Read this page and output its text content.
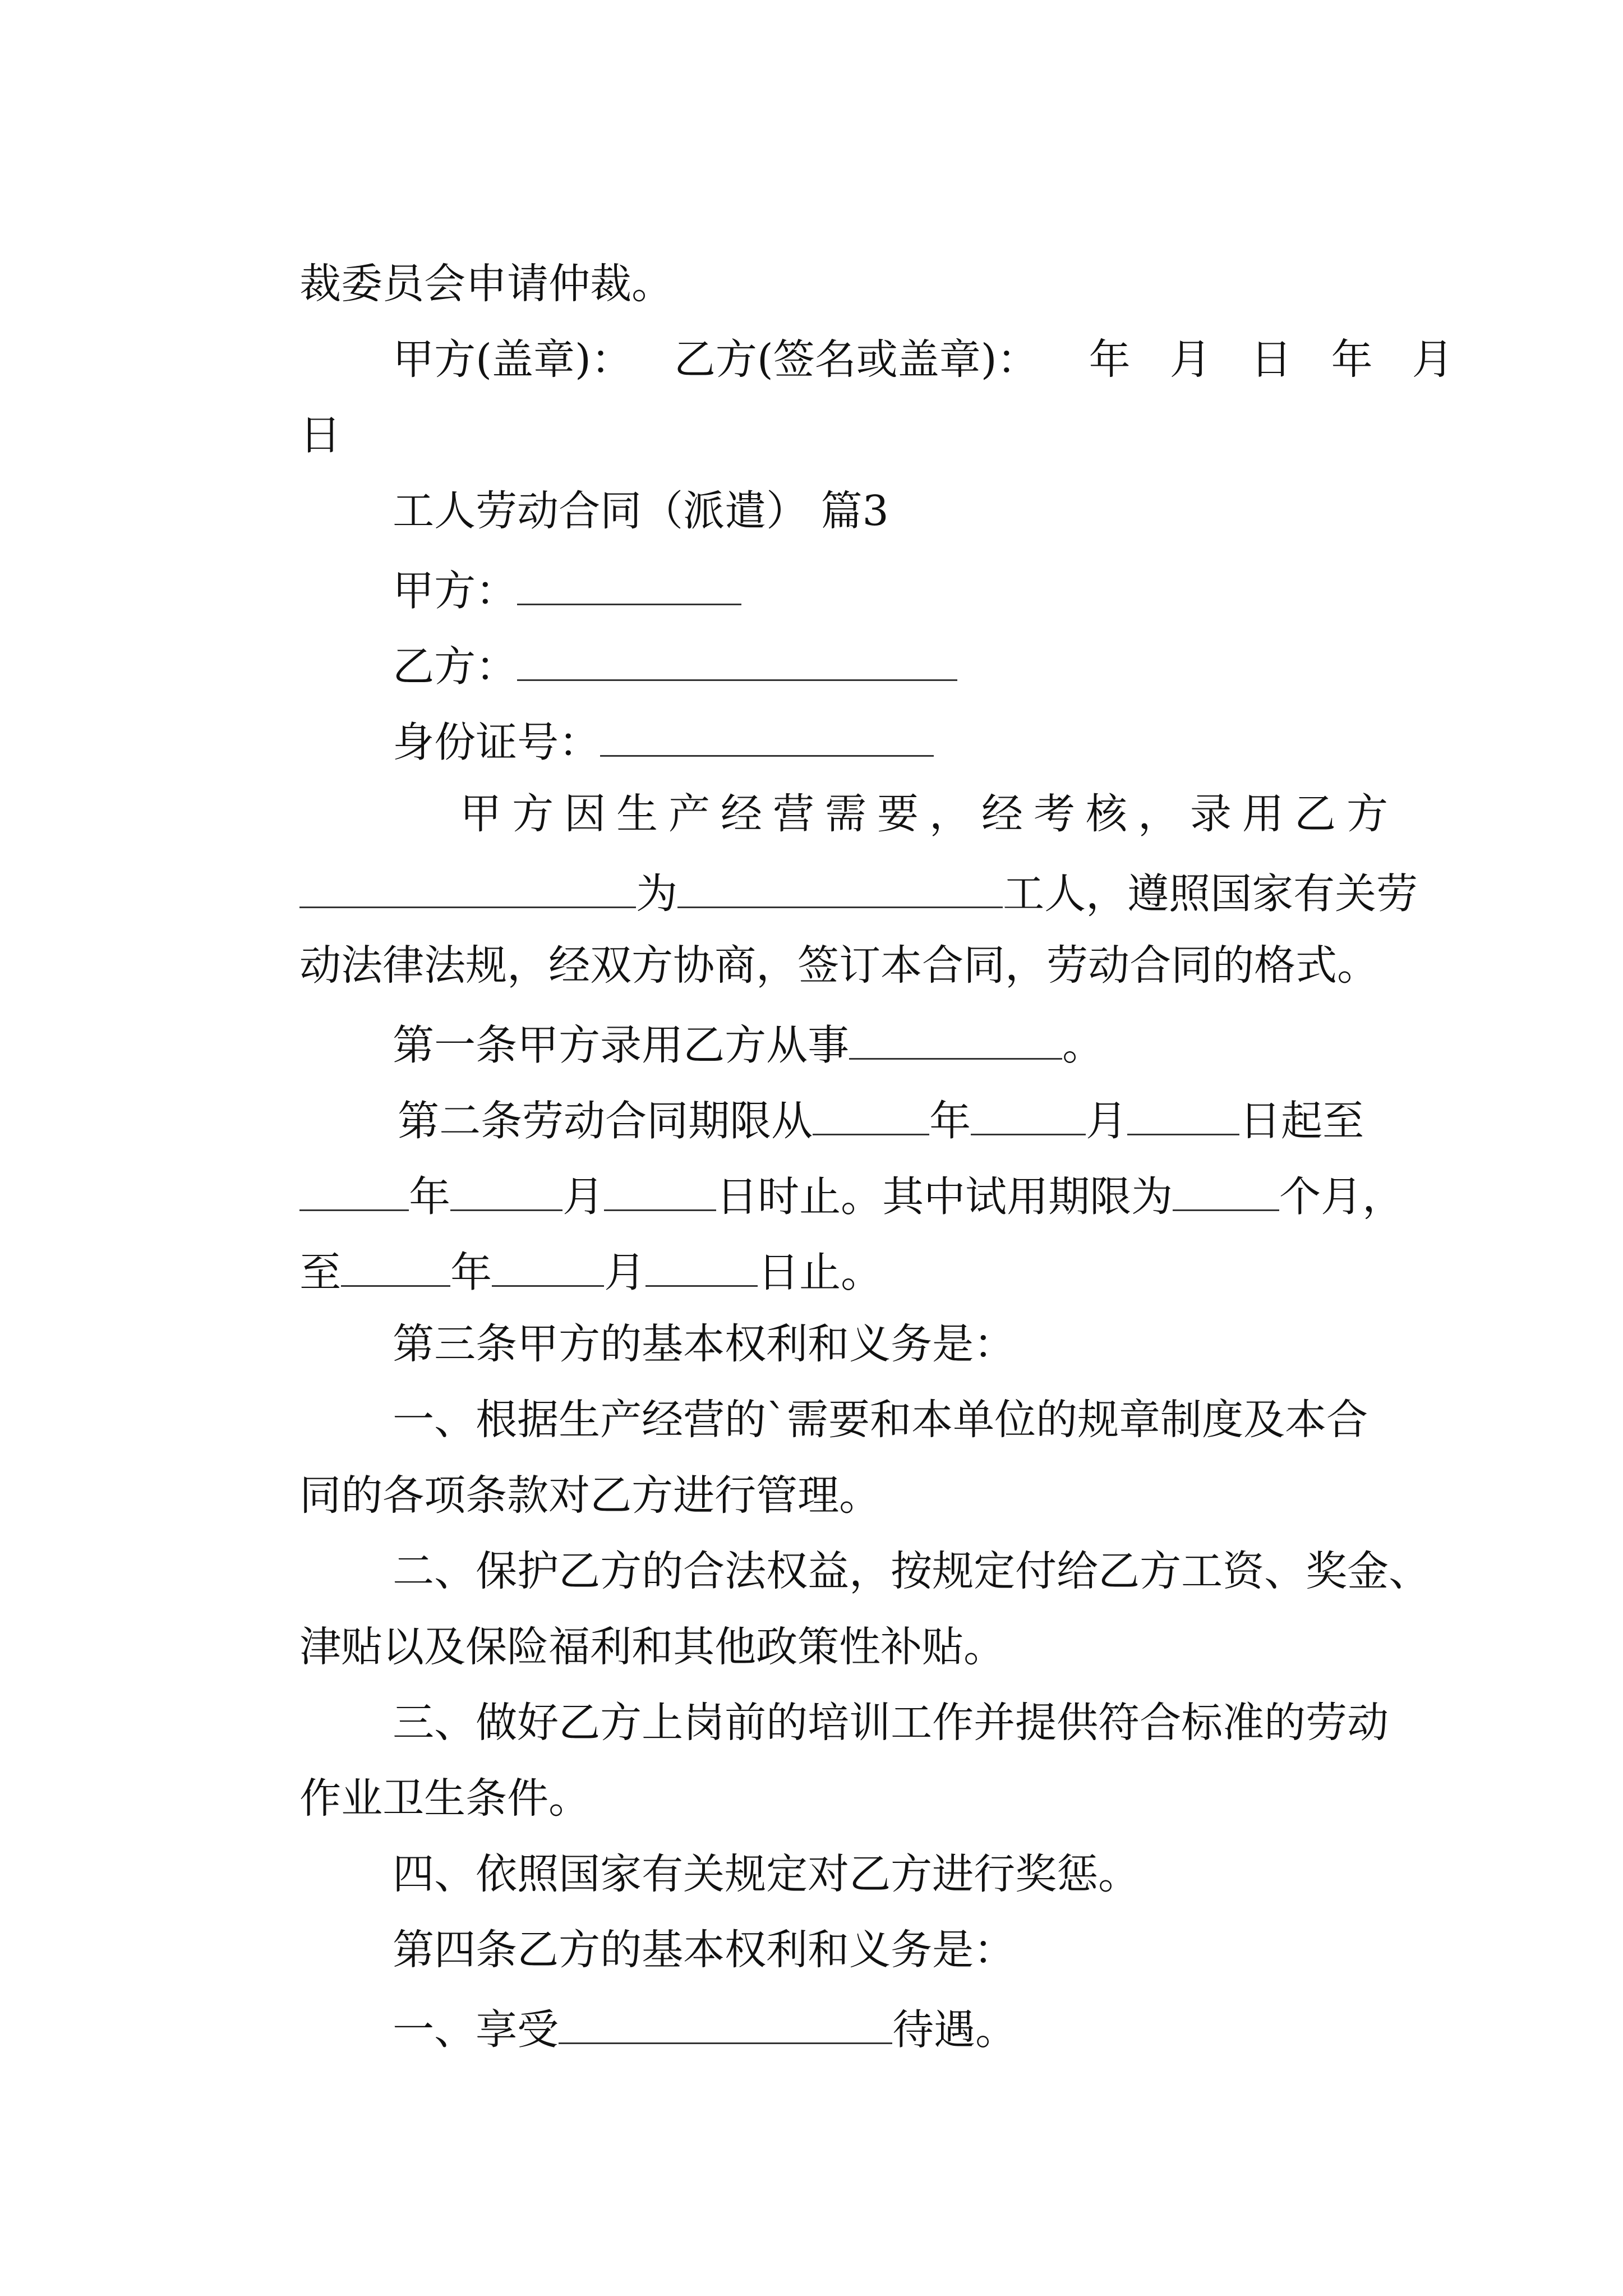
裁委员会申请仲裁。

甲方(盖章)： 乙方(签名或盖章)： 年 月 日 年 月

日

工人劳动合同（派遣） 篇3

甲方：

乙方：

身份证号：

甲方因生产经营需要，经考核，录用乙方

为	工人，遵照国家有关劳

动法律法规，经双方协商，签订本合同，劳动合同的格式。

第一条甲方录用乙方从事	。

第二条劳动合同期限从	年	月	日起至

年	月	日时止。其中试用期限为	个月，

至	年	月	日止。

第三条甲方的基本权利和义务是：

一、根据生产经营的`需要和本单位的规章制度及本合

同的各项条款对乙方进行管理。

二、保护乙方的合法权益，按规定付给乙方工资、奖金、

津贴以及保险福利和其他政策性补贴。

三、做好乙方上岗前的培训工作并提供符合标准的劳动

作业卫生条件。

四、依照国家有关规定对乙方进行奖惩。

第四条乙方的基本权利和义务是：

一、享受	待遇。
